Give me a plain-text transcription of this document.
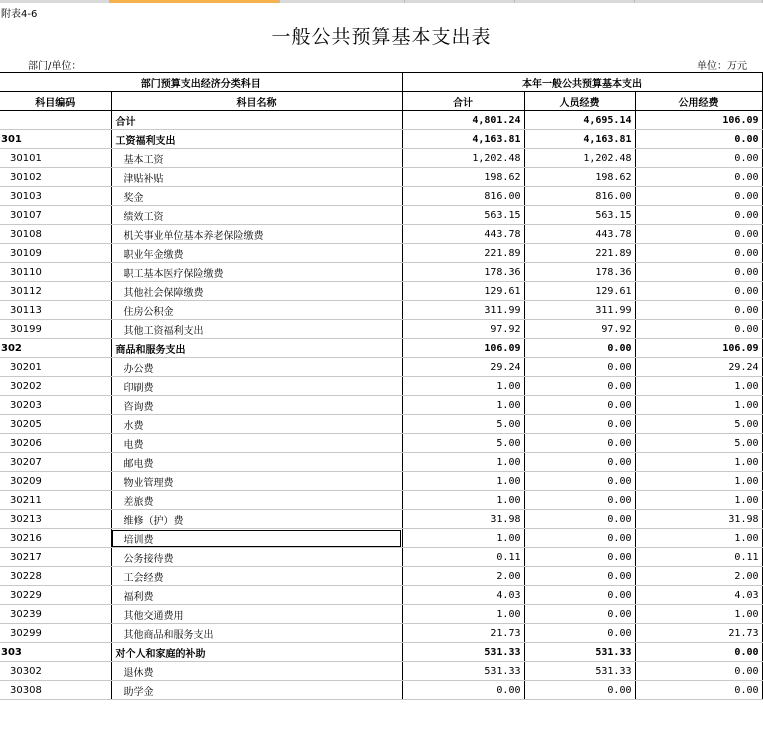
附表4-6
一般公共预算基本支出表
部门/单位：	单位：万元
部门预算支出经济分类科目		本年一般公共预算基本支出		
科目编码	科目名称	合计	人员经费	公用经费
	合计	4,801.24	4,695.14	106.09
301	工资福利支出	4,163.81	4,163.81	0.00
30101	基本工资	1,202.48	1,202.48	0.00
30102	津贴补贴	198.62	198.62	0.00
30103	奖金	816.00	816.00	0.00
30107	绩效工资	563.15	563.15	0.00
30108	机关事业单位基本养老保险缴费	443.78	443.78	0.00
30109	职业年金缴费	221.89	221.89	0.00
30110	职工基本医疗保险缴费	178.36	178.36	0.00
30112	其他社会保障缴费	129.61	129.61	0.00
30113	住房公积金	311.99	311.99	0.00
30199	其他工资福利支出	97.92	97.92	0.00
302	商品和服务支出	106.09	0.00	106.09
30201	办公费	29.24	0.00	29.24
30202	印刷费	1.00	0.00	1.00
30203	咨询费	1.00	0.00	1.00
30205	水费	5.00	0.00	5.00
30206	电费	5.00	0.00	5.00
30207	邮电费	1.00	0.00	1.00
30209	物业管理费	1.00	0.00	1.00
30211	差旅费	1.00	0.00	1.00
30213	维修（护）费	31.98	0.00	31.98
30216	培训费	1.00	0.00	1.00
30217	公务接待费	0.11	0.00	0.11
30228	工会经费	2.00	0.00	2.00
30229	福利费	4.03	0.00	4.03
30239	其他交通费用	1.00	0.00	1.00
30299	其他商品和服务支出	21.73	0.00	21.73
303	对个人和家庭的补助	531.33	531.33	0.00
30302	退休费	531.33	531.33	0.00
30308	助学金	0.00	0.00	0.00
